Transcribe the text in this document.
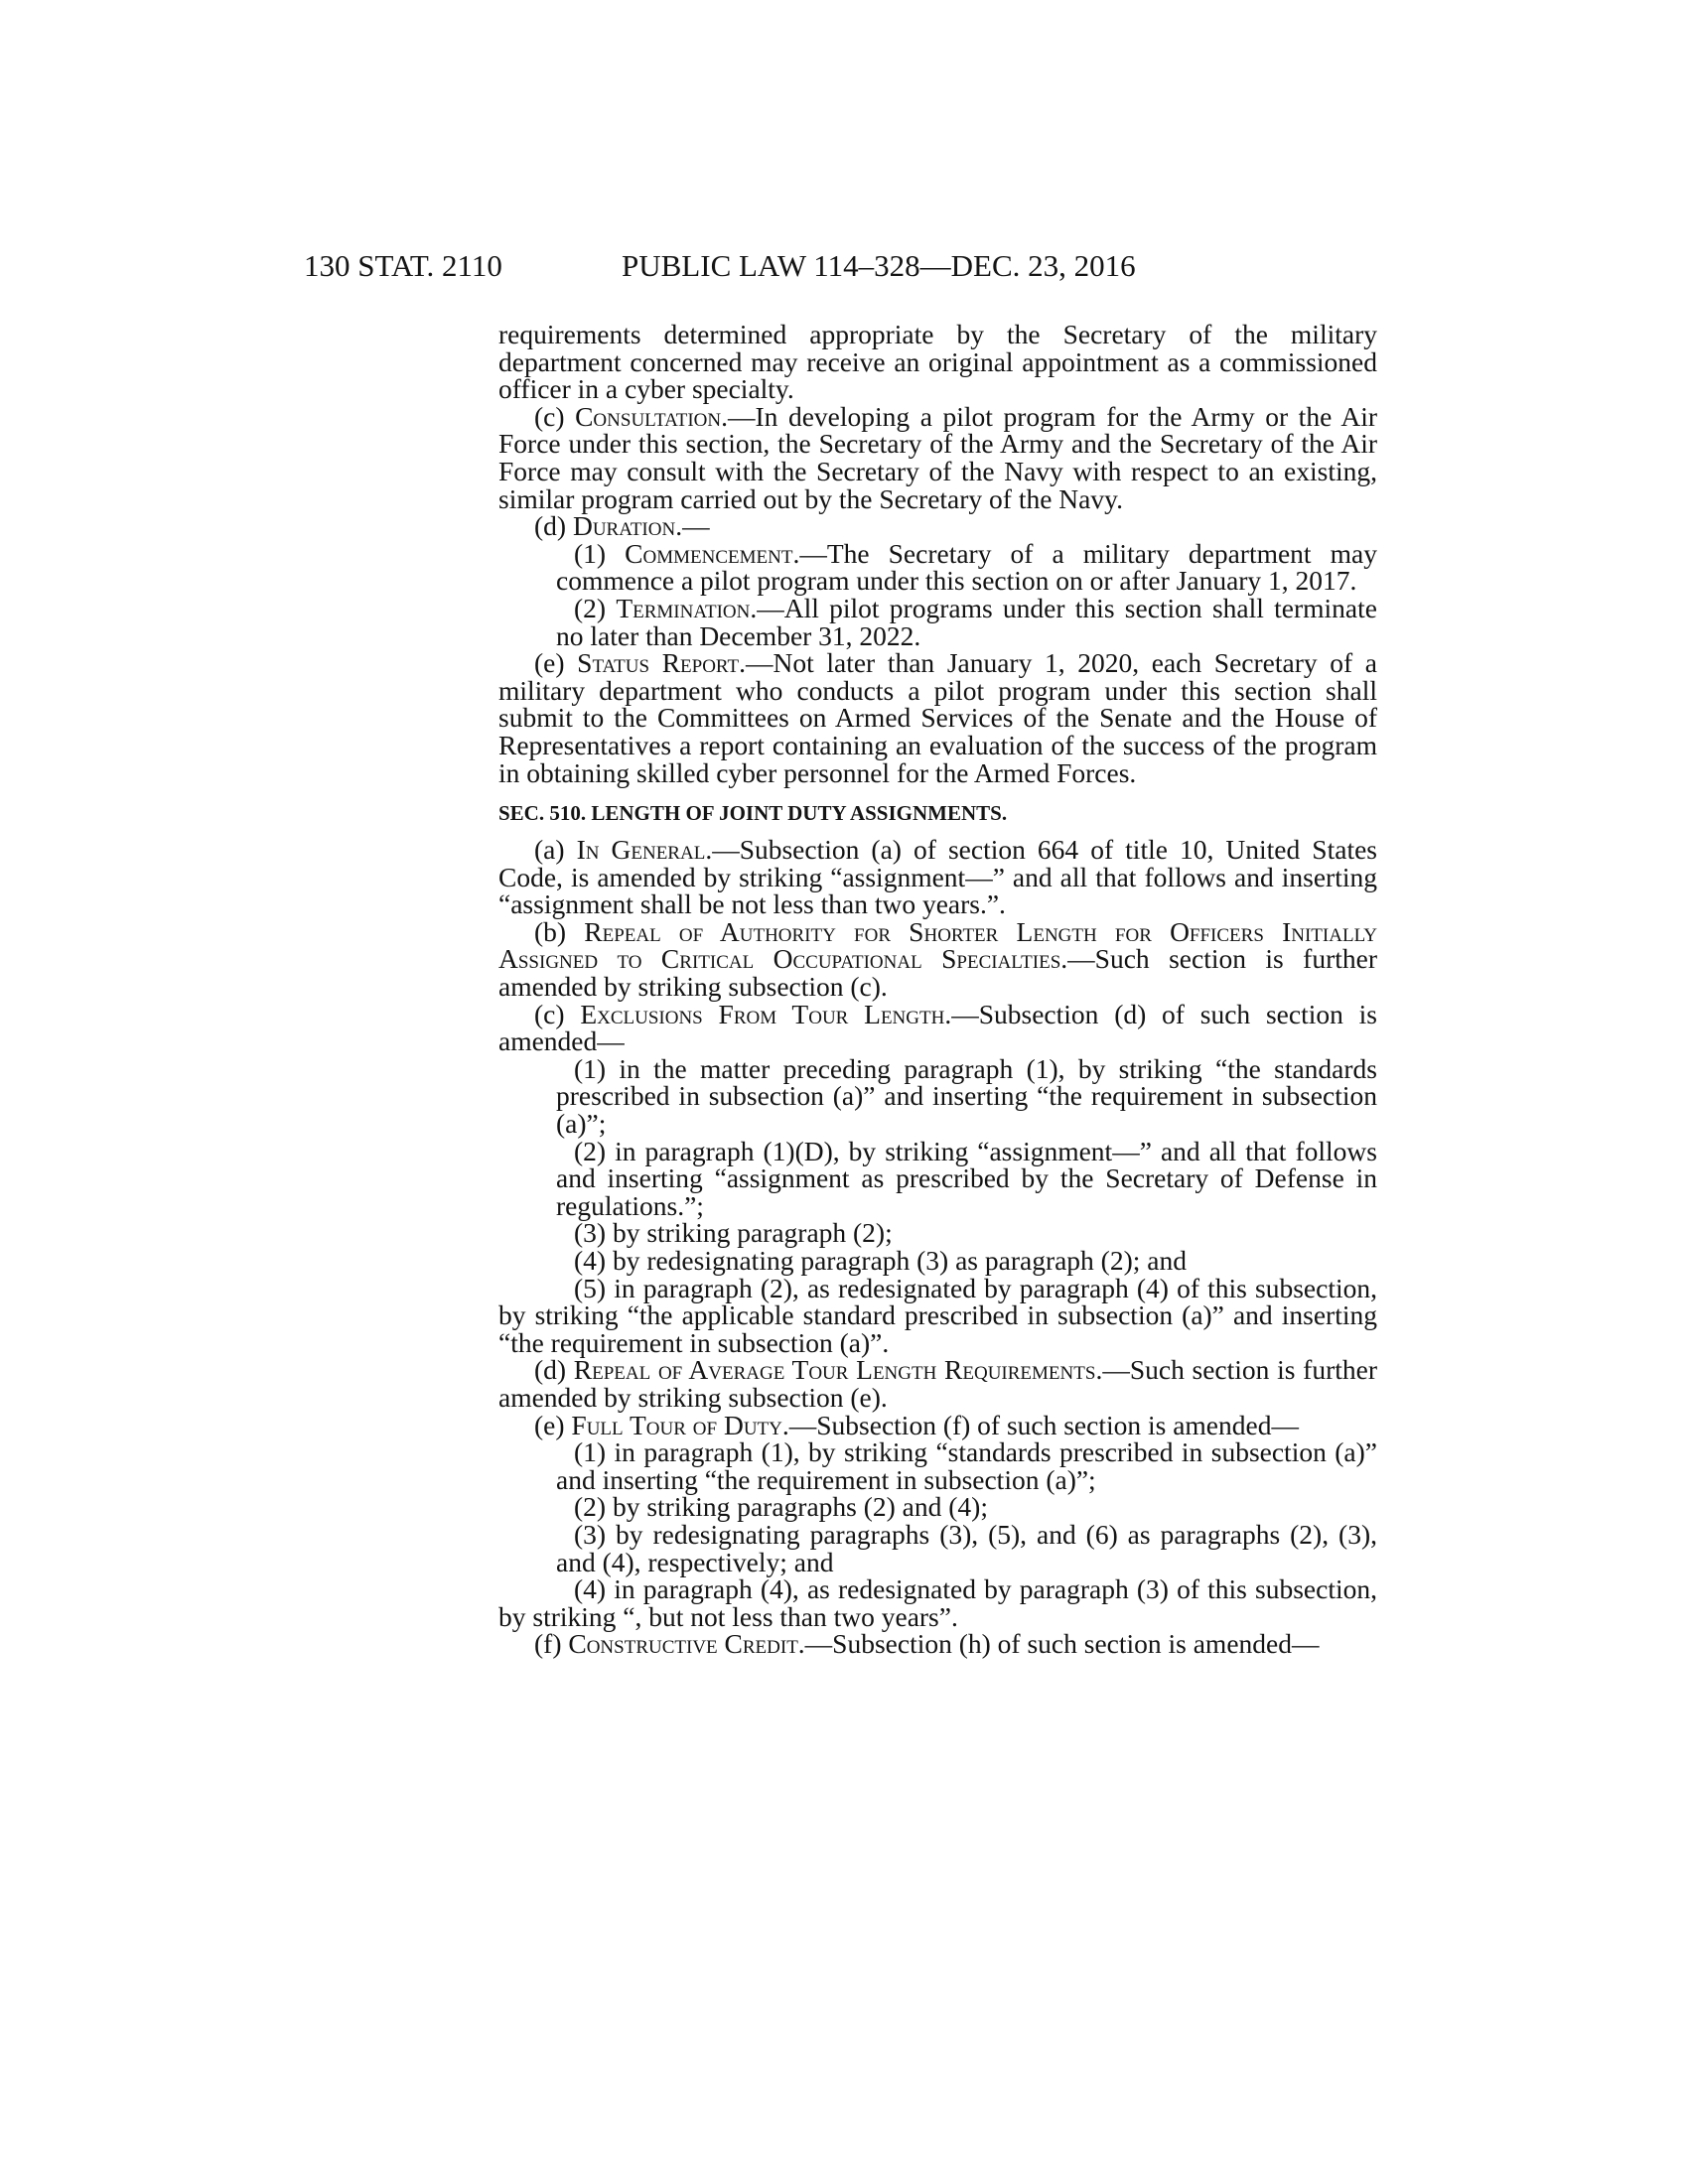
130 STAT. 2110	PUBLIC LAW 114–328—DEC. 23, 2016

requirements determined appropriate by the Secretary of the military department concerned may receive an original appointment as a commissioned officer in a cyber specialty.

(c) Consultation.—In developing a pilot program for the Army or the Air Force under this section, the Secretary of the Army and the Secretary of the Air Force may consult with the Secretary of the Navy with respect to an existing, similar program carried out by the Secretary of the Navy.

(d) Duration.—

(1) Commencement.—The Secretary of a military department may commence a pilot program under this section on or after January 1, 2017.

(2) Termination.—All pilot programs under this section shall terminate no later than December 31, 2022.

(e) Status Report.—Not later than January 1, 2020, each Secretary of a military department who conducts a pilot program under this section shall submit to the Committees on Armed Services of the Senate and the House of Representatives a report containing an evaluation of the success of the program in obtaining skilled cyber personnel for the Armed Forces.

SEC. 510. LENGTH OF JOINT DUTY ASSIGNMENTS.

(a) In General.—Subsection (a) of section 664 of title 10, United States Code, is amended by striking “assignment—” and all that follows and inserting “assignment shall be not less than two years.”.

(b) Repeal of Authority for Shorter Length for Officers Initially Assigned to Critical Occupational Specialties.—Such section is further amended by striking subsection (c).

(c) Exclusions From Tour Length.—Subsection (d) of such section is amended—

(1) in the matter preceding paragraph (1), by striking “the standards prescribed in subsection (a)” and inserting “the requirement in subsection (a)”;

(2) in paragraph (1)(D), by striking “assignment—” and all that follows and inserting “assignment as prescribed by the Secretary of Defense in regulations.”;

(3) by striking paragraph (2);

(4) by redesignating paragraph (3) as paragraph (2); and

(5) in paragraph (2), as redesignated by paragraph (4) of this subsection, by striking “the applicable standard prescribed in subsection (a)” and inserting “the requirement in subsection (a)”.

(d) Repeal of Average Tour Length Requirements.—Such section is further amended by striking subsection (e).

(e) Full Tour of Duty.—Subsection (f) of such section is amended—

(1) in paragraph (1), by striking “standards prescribed in subsection (a)” and inserting “the requirement in subsection (a)”;

(2) by striking paragraphs (2) and (4);

(3) by redesignating paragraphs (3), (5), and (6) as paragraphs (2), (3), and (4), respectively; and

(4) in paragraph (4), as redesignated by paragraph (3) of this subsection, by striking “, but not less than two years”.

(f) Constructive Credit.—Subsection (h) of such section is amended—
